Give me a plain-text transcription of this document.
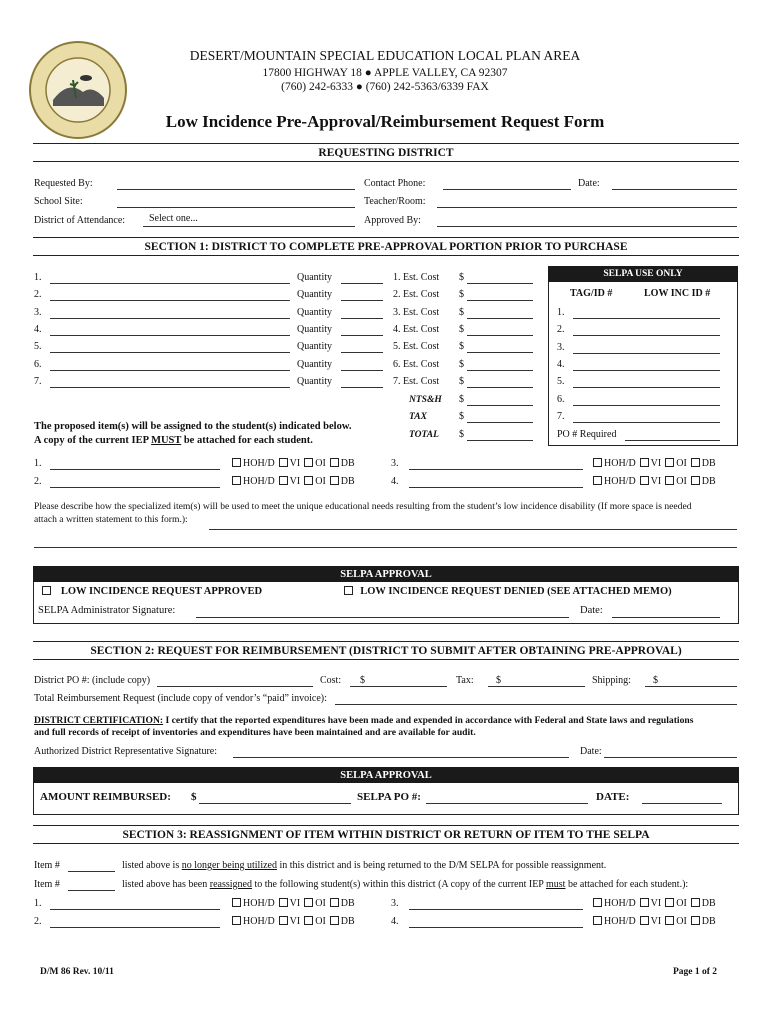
DESERT/MOUNTAIN SPECIAL EDUCATION LOCAL PLAN AREA
17800 HIGHWAY 18 ● APPLE VALLEY, CA 92307
(760) 242-6333 ● (760) 242-5363/6339 FAX
Low Incidence Pre-Approval/Reimbursement Request Form
REQUESTING DISTRICT
Requested By:	Contact Phone:	Date:
School Site:	Teacher/Room:
District of Attendance: Select one...	Approved By:
SECTION 1: DISTRICT TO COMPLETE PRE-APPROVAL PORTION PRIOR TO PURCHASE
1.	Quantity	1. Est. Cost $
2.	Quantity	2. Est. Cost $
3.	Quantity	3. Est. Cost $
4.	Quantity	4. Est. Cost $
5.	Quantity	5. Est. Cost $
6.	Quantity	6. Est. Cost $
7.	Quantity	7. Est. Cost $
NTS&H $
TAX	$
TOTAL $
The proposed item(s) will be assigned to the student(s) indicated below.
A copy of the current IEP MUST be attached for each student.
SELPA USE ONLY
TAG/ID #	LOW INC ID #
1.
2.
3.
4.
5.
6.
7.
PO # Required
1.	HOH/D VI OI DB	3.	HOH/D VI OI DB
2.	HOH/D VI OI DB	4.	HOH/D VI OI DB
Please describe how the specialized item(s) will be used to meet the unique educational needs resulting from the student’s low incidence disability (If more space is needed
attach a written statement to this form.):
SELPA APPROVAL
LOW INCIDENCE REQUEST APPROVED	LOW INCIDENCE REQUEST DENIED (SEE ATTACHED MEMO)
SELPA Administrator Signature:	Date:
SECTION 2: REQUEST FOR REIMBURSEMENT (DISTRICT TO SUBMIT AFTER OBTAINING PRE-APPROVAL)
District PO #: (include copy)	Cost: $	Tax: $	Shipping: $
Total Reimbursement Request (include copy of vendor’s “paid” invoice):
DISTRICT CERTIFICATION: I certify that the reported expenditures have been made and expended in accordance with Federal and State laws and regulations
and full records of receipt of inventories and expenditures have been maintained and are available for audit.
Authorized District Representative Signature:	Date:
SELPA APPROVAL
AMOUNT REIMBURSED: $	SELPA PO #:	DATE:
SECTION 3: REASSIGNMENT OF ITEM WITHIN DISTRICT OR RETURN OF ITEM TO THE SELPA
Item #	listed above is no longer being utilized in this district and is being returned to the D/M SELPA for possible reassignment.
Item #	listed above has been reassigned to the following student(s) within this district (A copy of the current IEP must be attached for each student.):
1.	HOH/D VI OI DB	3.	HOH/D VI OI DB
2.	HOH/D VI OI DB	4.	HOH/D VI OI DB
D/M 86 Rev. 10/11	Page 1 of 2
